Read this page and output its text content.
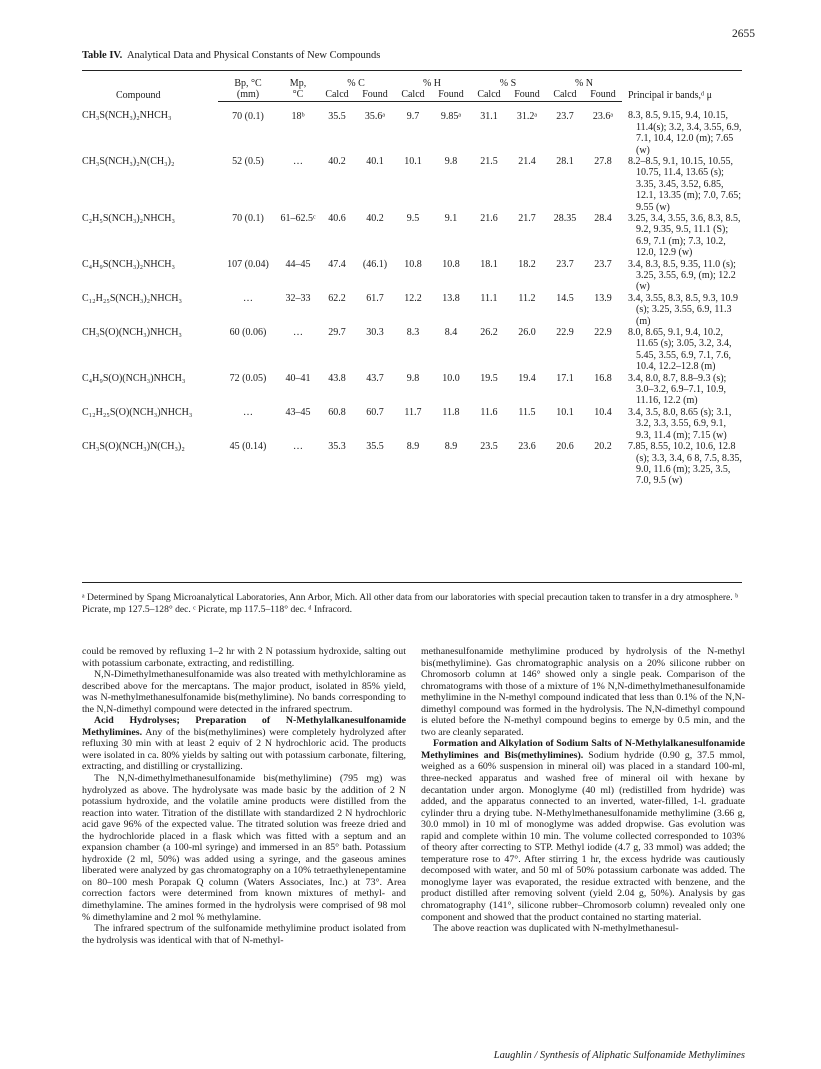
2655
Table IV. Analytical Data and Physical Constants of New Compounds
Compound	Bp, °C	Mp,	% C		% H		% S		% N		Principal ir bands,ᵈ μ
	(mm)	°C	Calcd	Found	Calcd	Found	Calcd	Found	Calcd	Found	
CH₃S(NCH₃)₂NHCH₃	70 (0.1)	18ᵇ	35.5	35.6ᵃ	9.7	9.85ᵃ	31.1	31.2ᵃ	23.7	23.6ᵃ	8.3, 8.5, 9.15, 9.4, 10.15, 11.4(s); 3.2, 3.4, 3.55, 6.9, 7.1, 10.4, 12.0 (m); 7.65 (w)

CH₃S(NCH₃)₂N(CH₃)₂	52 (0.5)	…	40.2	40.1	10.1	9.8	21.5	21.4	28.1	27.8	8.2–8.5, 9.1, 10.15, 10.55, 10.75, 11.4, 13.65 (s); 3.35, 3.45, 3.52, 6.85, 12.1, 13.35 (m); 7.0, 7.65; 9.55 (w)

C₂H₅S(NCH₃)₂NHCH₃	70 (0.1)	61–62.5ᶜ	40.6	40.2	9.5	9.1	21.6	21.7	28.35	28.4	3.25, 3.4, 3.55, 3.6, 8.3, 8.5, 9.2, 9.35, 9.5, 11.1 (S); 6.9, 7.1 (m); 7.3, 10.2, 12.0, 12.9 (w)

C₄H₉S(NCH₃)₂NHCH₃	107 (0.04)	44–45	47.4	(46.1)	10.8	10.8	18.1	18.2	23.7	23.7	3.4, 8.3, 8.5, 9.35, 11.0 (s); 3.25, 3.55, 6.9, (m); 12.2 (w)

C₁₂H₂₅S(NCH₃)₂NHCH₃	…	32–33	62.2	61.7	12.2	13.8	11.1	11.2	14.5	13.9	3.4, 3.55, 8.3, 8.5, 9.3, 10.9 (s); 3.25, 3.55, 6.9, 11.3 (m)

CH₃S(O)(NCH₃)NHCH₃	60 (0.06)	…	29.7	30.3	8.3	8.4	26.2	26.0	22.9	22.9	8.0, 8.65, 9.1, 9.4, 10.2, 11.65 (s); 3.05, 3.2, 3.4, 5.45, 3.55, 6.9, 7.1, 7.6, 10.4, 12.2–12.8 (m)

C₄H₉S(O)(NCH₃)NHCH₃	72 (0.05)	40–41	43.8	43.7	9.8	10.0	19.5	19.4	17.1	16.8	3.4, 8.0, 8.7, 8.8–9.3 (s); 3.0–3.2, 6.9–7.1, 10.9, 11.16, 12.2 (m)

C₁₂H₂₅S(O)(NCH₃)NHCH₃	…	43–45	60.8	60.7	11.7	11.8	11.6	11.5	10.1	10.4	3.4, 3.5, 8.0, 8.65 (s); 3.1, 3.2, 3.3, 3.55, 6.9, 9.1, 9.3, 11.4 (m); 7.15 (w)

CH₃S(O)(NCH₃)N(CH₃)₂	45 (0.14)	…	35.3	35.5	8.9	8.9	23.5	23.6	20.6	20.2	7.85, 8.55, 10.2, 10.6, 12.8 (s); 3.3, 3.4, 6 8, 7.5, 8.35, 9.0, 11.6 (m); 3.25, 3.5, 7.0, 9.5 (w)
ᵃ Determined by Spang Microanalytical Laboratories, Ann Arbor, Mich. All other data from our laboratories with special precaution taken to transfer in a dry atmosphere. ᵇ Picrate, mp 127.5–128° dec. ᶜ Picrate, mp 117.5–118° dec. ᵈ Infracord.

could be removed by refluxing 1–2 hr with 2 N potassium hydroxide, salting out with potassium carbonate, extracting, and redistilling.

N,N-Dimethylmethanesulfonamide was also treated with methylchloramine as described above for the mercaptans. The major product, isolated in 85% yield, was N-methylmethanesulfonamide bis(methylimine). No bands corresponding to the N,N-dimethyl compound were detected in the infrared spectrum.

Acid Hydrolyses; Preparation of N-Methylalkanesulfonamide Methylimines. Any of the bis(methylimines) were completely hydrolyzed after refluxing 30 min with at least 2 equiv of 2 N hydrochloric acid. The products were isolated in ca. 80% yields by salting out with potassium carbonate, filtering, extracting, and distilling or crystallizing.

The N,N-dimethylmethanesulfonamide bis(methylimine) (795 mg) was hydrolyzed as above. The hydrolysate was made basic by the addition of 2 N potassium hydroxide, and the volatile amine products were distilled from the reaction into water. Titration of the distillate with standardized 2 N hydrochloric acid gave 96% of the expected value. The titrated solution was freeze dried and the hydrochloride placed in a flask which was fitted with a septum and an expansion chamber (a 100-ml syringe) and immersed in an 85° bath. Potassium hydroxide (2 ml, 50%) was added using a syringe, and the gaseous amines liberated were analyzed by gas chromatography on a 10% tetraethylenepentamine on 80–100 mesh Porapak Q column (Waters Associates, Inc.) at 73°. Area correction factors were determined from known mixtures of methyl- and dimethylamine. The amines formed in the hydrolysis were comprised of 98 mol % dimethylamine and 2 mol % methylamine.

The infrared spectrum of the sulfonamide methylimine product isolated from the hydrolysis was identical with that of N-methyl-

methanesulfonamide methylimine produced by hydrolysis of the N-methyl bis(methylimine). Gas chromatographic analysis on a 20% silicone rubber on Chromosorb column at 146° showed only a single peak. Comparison of the chromatograms with those of a mixture of 1% N,N-dimethylmethanesulfonamide methylimine in the N-methyl compound indicated that less than 0.1% of the N,N-dimethyl compound was formed in the hydrolysis. The N,N-dimethyl compound is eluted before the N-methyl compound begins to emerge by 0.5 min, and the two are cleanly separated.

Formation and Alkylation of Sodium Salts of N-Methylalkanesulfonamide Methylimines and Bis(methylimines). Sodium hydride (0.90 g, 37.5 mmol, weighed as a 60% suspension in mineral oil) was placed in a standard 100-ml, three-necked apparatus and washed free of mineral oil with hexane by decantation under argon. Monoglyme (40 ml) (redistilled from hydride) was added, and the apparatus connected to an inverted, water-filled, 1-l. graduate cylinder thru a drying tube. N-Methylmethanesulfonamide methylimine (3.66 g, 30.0 mmol) in 10 ml of monoglyme was added dropwise. Gas evolution was rapid and complete within 10 min. The volume collected corresponded to 103% of theory after correcting to STP. Methyl iodide (4.7 g, 33 mmol) was added; the temperature rose to 47°. After stirring 1 hr, the excess hydride was cautiously decomposed with water, and 50 ml of 50% potassium carbonate was added. The monoglyme layer was evaporated, the residue extracted with benzene, and the product distilled after removing solvent (yield 2.04 g, 50%). Analysis by gas chromatography (141°, silicone rubber–Chromosorb column) revealed only one component and showed that the product contained no starting material.

The above reaction was duplicated with N-methylmethanesul-

Laughlin / Synthesis of Aliphatic Sulfonamide Methylimines
